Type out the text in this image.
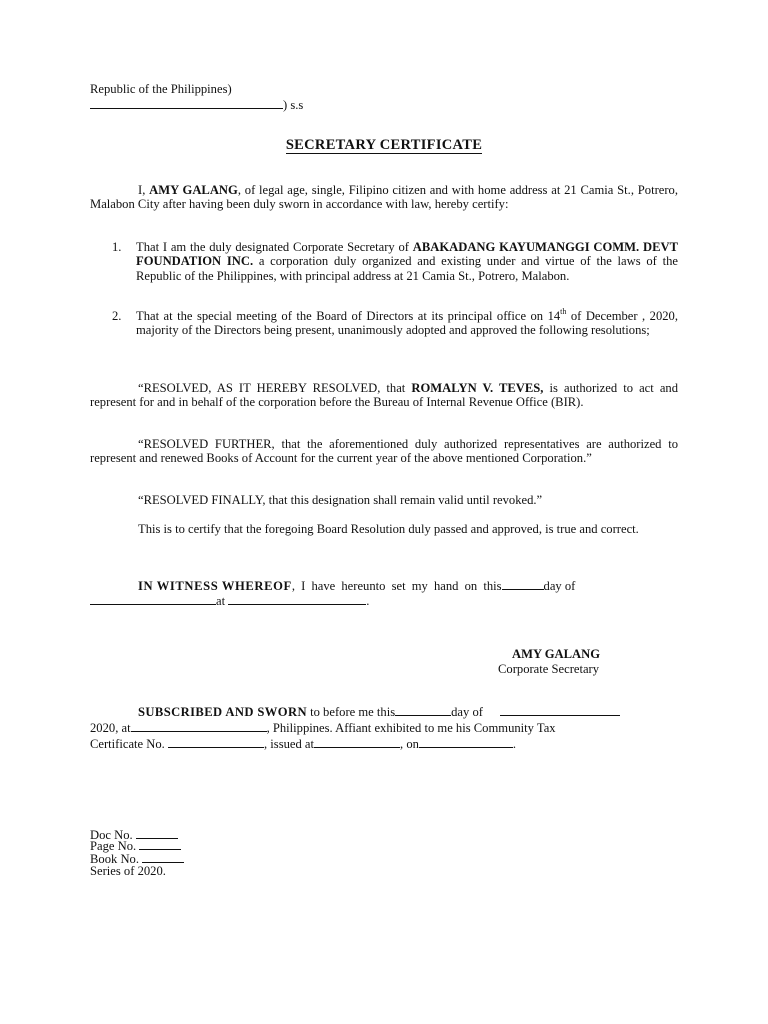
Republic of the Philippines)
) s.s
SECRETARY CERTIFICATE
I, AMY GALANG, of legal age, single, Filipino citizen and with home address at 21 Camia St., Potrero, Malabon City after having been duly sworn in accordance with law, hereby certify:
1. That I am the duly designated Corporate Secretary of ABAKADANG KAYUMANGGI COMM. DEVT FOUNDATION INC. a corporation duly organized and existing under and virtue of the laws of the Republic of the Philippines, with principal address at 21 Camia St., Potrero, Malabon.
2. That at the special meeting of the Board of Directors at its principal office on 14th of December , 2020, majority of the Directors being present, unanimously adopted and approved the following resolutions;
“RESOLVED, AS IT HEREBY RESOLVED, that ROMALYN V. TEVES, is authorized to act and represent for and in behalf of the corporation before the Bureau of Internal Revenue Office (BIR).
“RESOLVED FURTHER, that the aforementioned duly authorized representatives are authorized to represent and renewed Books of Account for the current year of the above mentioned Corporation.”
“RESOLVED FINALLY, that this designation shall remain valid until revoked.”
This is to certify that the foregoing Board Resolution duly passed and approved, is true and correct.
IN WITNESS WHEREOF, I have hereunto set my hand on this	day of
at	.
AMY GALANG
Corporate Secretary
SUBSCRIBED AND SWORN to before me this	day of
2020, at	, Philippines. Affiant exhibited to me his Community Tax
Certificate No.	, issued at	, on	.
Doc No.
Page No.
Book No.
Series of 2020.
